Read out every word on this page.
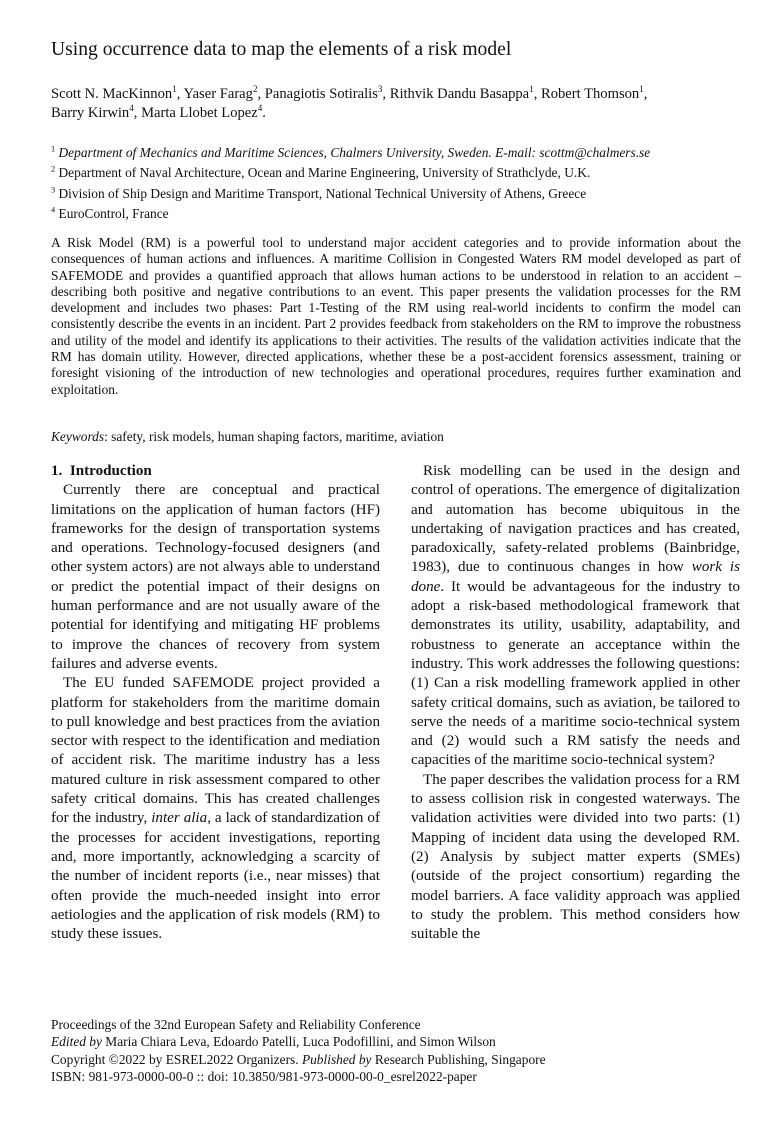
Using occurrence data to map the elements of a risk model
Scott N. MacKinnon$^1$, Yaser Farag$^2$, Panagiotis Sotiralis$^3$, Rithvik Dandu Basappa$^1$, Robert Thomson$^1$,
Barry Kirwin$^4$, Marta Llobet Lopez$^4$.
$^1$ Department of Mechanics and Maritime Sciences, Chalmers University, Sweden. E-mail: scottm@chalmers.se
$^2$ Department of Naval Architecture, Ocean and Marine Engineering, University of Strathclyde, U.K.
$^3$ Division of Ship Design and Maritime Transport, National Technical University of Athens, Greece
$^4$ EuroControl, France
A Risk Model (RM) is a powerful tool to understand major accident categories and to provide information about the consequences of human actions and influences. A maritime Collision in Congested Waters RM model developed as part of SAFEMODE and provides a quantified approach that allows human actions to be understood in relation to an accident – describing both positive and negative contributions to an event. This paper presents the validation processes for the RM development and includes two phases: Part 1-Testing of the RM using real-world incidents to confirm the model can consistently describe the events in an incident. Part 2 provides feedback from stakeholders on the RM to improve the robustness and utility of the model and identify its applications to their activities. The results of the validation activities indicate that the RM has domain utility. However, directed applications, whether these be a post-accident forensics assessment, training or foresight visioning of the introduction of new technologies and operational procedures, requires further examination and exploitation.
Keywords: safety, risk models, human shaping factors, maritime, aviation
1.  Introduction

Currently there are conceptual and practical limitations on the application of human factors (HF) frameworks for the design of transportation systems and operations. Technology-focused designers (and other system actors) are not always able to understand or predict the potential impact of their designs on human performance and are not usually aware of the potential for identifying and mitigating HF problems to improve the chances of recovery from system failures and adverse events.

The EU funded SAFEMODE project provided a platform for stakeholders from the maritime domain to pull knowledge and best practices from the aviation sector with respect to the identification and mediation of accident risk. The maritime industry has a less matured culture in risk assessment compared to other safety critical domains. This has created challenges for the industry, inter alia, a lack of standardization of the processes for accident investigations, reporting and, more importantly, acknowledging a scarcity of the number of incident reports (i.e., near misses) that often provide the much-needed insight into error aetiologies and the application of risk models (RM) to study these issues.

Risk modelling can be used in the design and control of operations. The emergence of digitalization and automation has become ubiquitous in the undertaking of navigation practices and has created, paradoxically, safety-related problems (Bainbridge, 1983), due to continuous changes in how work is done. It would be advantageous for the industry to adopt a risk-based methodological framework that demonstrates its utility, usability, adaptability, and robustness to generate an acceptance within the industry. This work addresses the following questions: (1) Can a risk modelling framework applied in other safety critical domains, such as aviation, be tailored to serve the needs of a maritime socio-technical system and (2) would such a RM satisfy the needs and capacities of the maritime socio-technical system?

The paper describes the validation process for a RM to assess collision risk in congested waterways. The validation activities were divided into two parts: (1) Mapping of incident data using the developed RM. (2) Analysis by subject matter experts (SMEs) (outside of the project consortium) regarding the model barriers. A face validity approach was applied to study the problem. This method considers how suitable the

Proceedings of the 32nd European Safety and Reliability Conference
Edited by Maria Chiara Leva, Edoardo Patelli, Luca Podofillini, and Simon Wilson
Copyright ©2022 by ESREL2022 Organizers. Published by Research Publishing, Singapore
ISBN: 981-973-0000-00-0 :: doi: 10.3850/981-973-0000-00-0_esrel2022-paper
